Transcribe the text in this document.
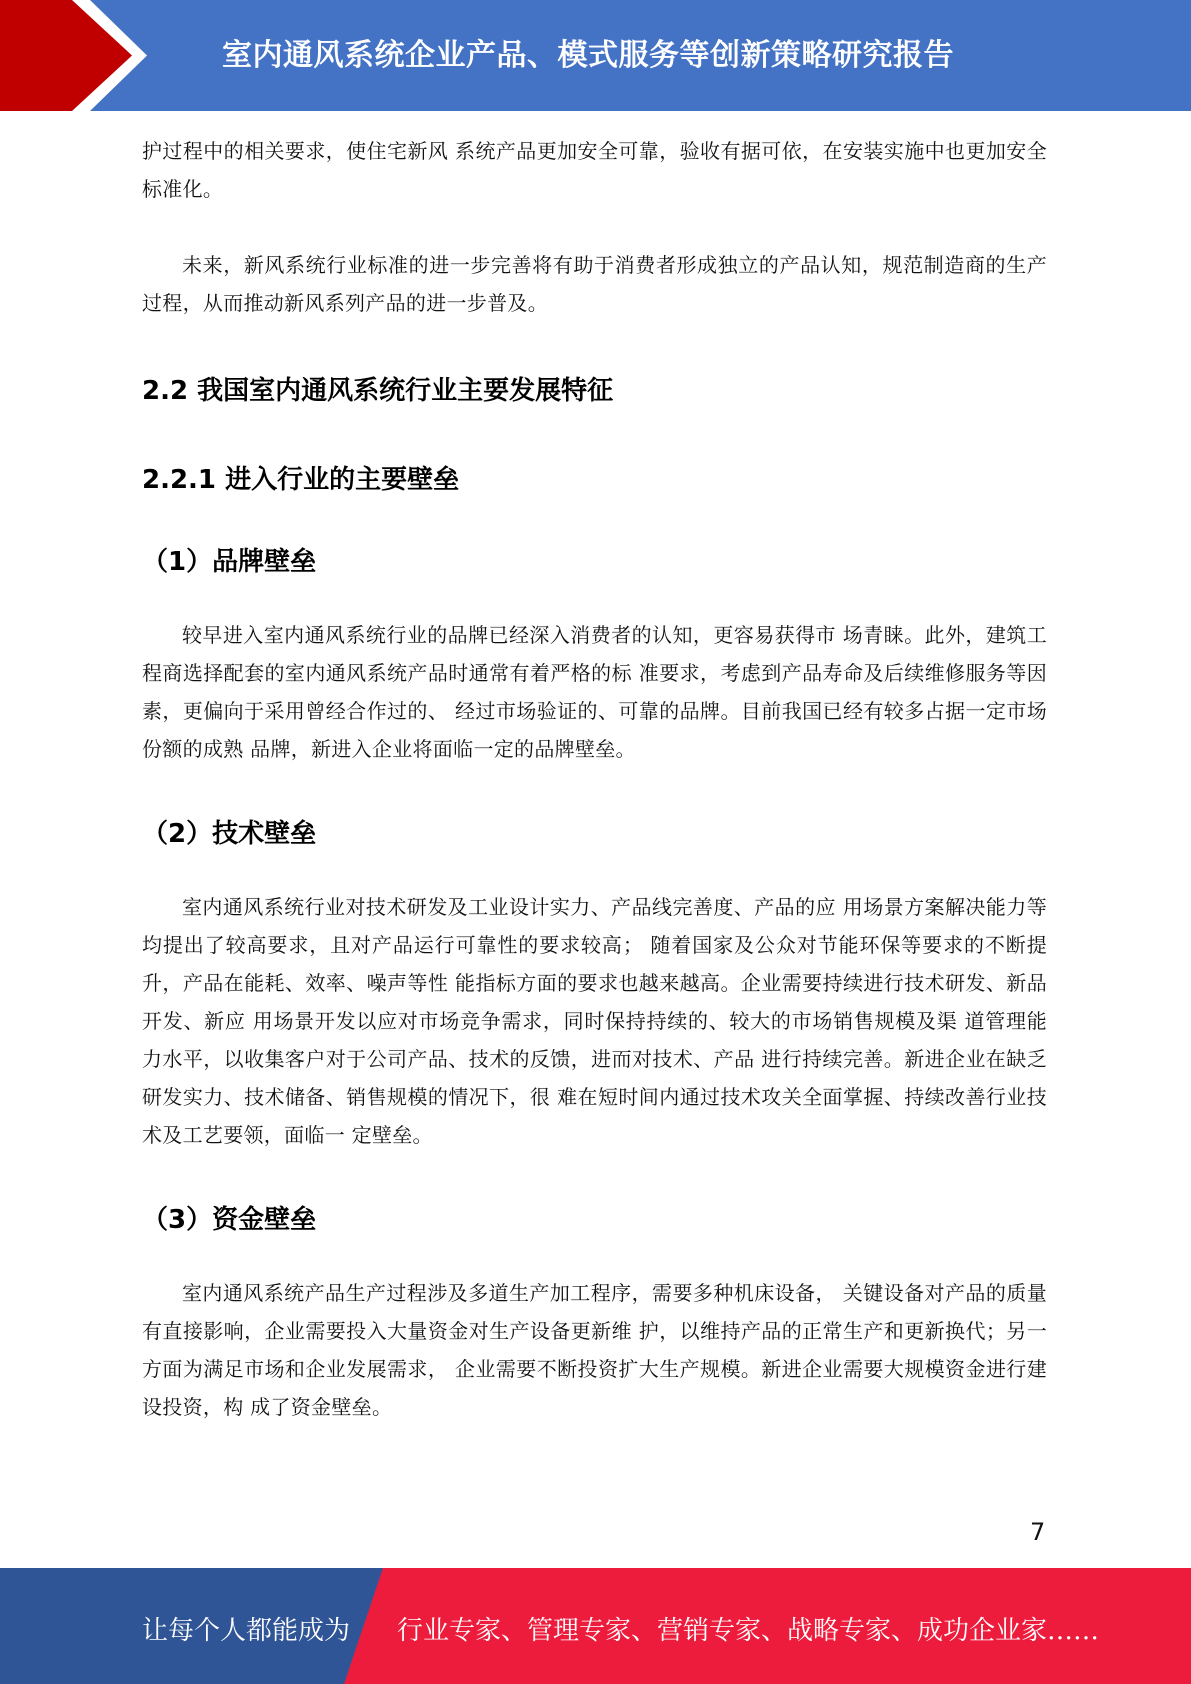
室内通风系统企业产品、模式服务等创新策略研究报告

护过程中的相关要求，使住宅新风 系统产品更加安全可靠，验收有据可依，在安装实施中也更加安全标准化。

未来，新风系统行业标准的进一步完善将有助于消费者形成独立的产品认知，规范制造商的生产过程，从而推动新风系列产品的进一步普及。

2.2 我国室内通风系统行业主要发展特征
2.2.1 进入行业的主要壁垒
（1）品牌壁垒

较早进入室内通风系统行业的品牌已经深入消费者的认知，更容易获得市 场青睐。此外，建筑工程商选择配套的室内通风系统产品时通常有着严格的标 准要求，考虑到产品寿命及后续维修服务等因素，更偏向于采用曾经合作过的、 经过市场验证的、可靠的品牌。目前我国已经有较多占据一定市场份额的成熟 品牌，新进入企业将面临一定的品牌壁垒。

（2）技术壁垒

室内通风系统行业对技术研发及工业设计实力、产品线完善度、产品的应 用场景方案解决能力等均提出了较高要求，且对产品运行可靠性的要求较高； 随着国家及公众对节能环保等要求的不断提升，产品在能耗、效率、噪声等性 能指标方面的要求也越来越高。企业需要持续进行技术研发、新品开发、新应 用场景开发以应对市场竞争需求，同时保持持续的、较大的市场销售规模及渠 道管理能力水平，以收集客户对于公司产品、技术的反馈，进而对技术、产品 进行持续完善。新进企业在缺乏研发实力、技术储备、销售规模的情况下，很 难在短时间内通过技术攻关全面掌握、持续改善行业技术及工艺要领，面临一 定壁垒。

（3）资金壁垒

室内通风系统产品生产过程涉及多道生产加工程序，需要多种机床设备， 关键设备对产品的质量有直接影响，企业需要投入大量资金对生产设备更新维 护，以维持产品的正常生产和更新换代；另一方面为满足市场和企业发展需求， 企业需要不断投资扩大生产规模。新进企业需要大规模资金进行建设投资，构 成了资金壁垒。

7
让每个人都能成为 行业专家、管理专家、营销专家、战略专家、成功企业家……
